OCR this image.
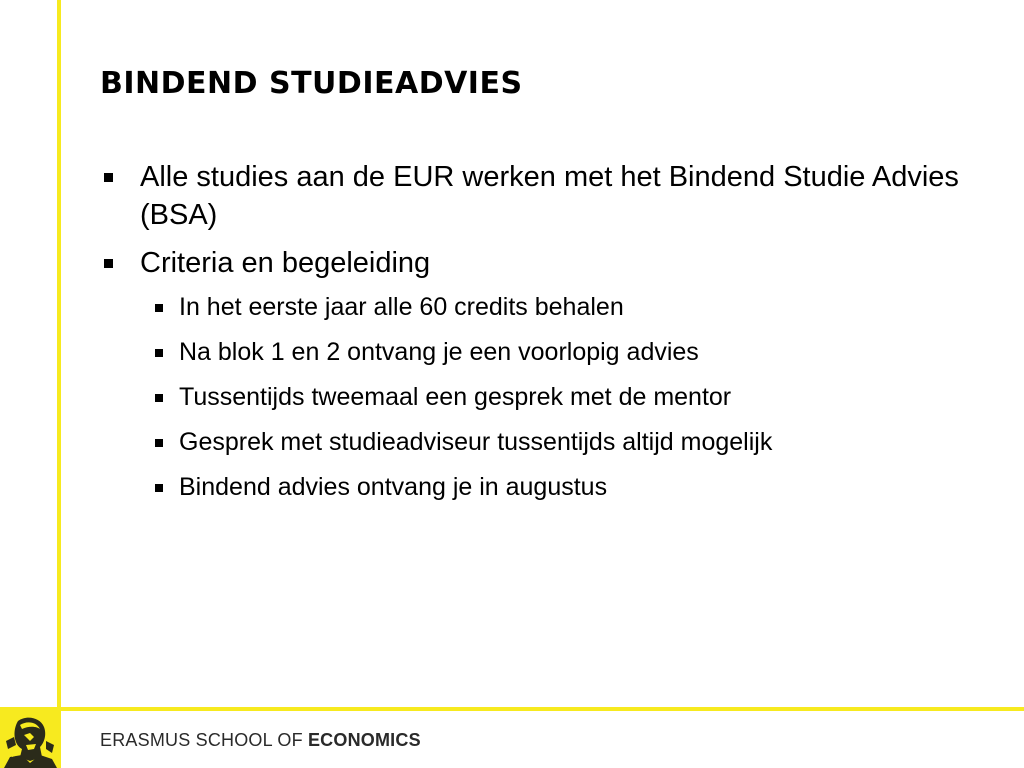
BINDEND STUDIEADVIES
Alle studies aan de EUR werken met het Bindend Studie Advies (BSA)
Criteria en begeleiding
In het eerste jaar alle 60 credits behalen
Na blok 1 en 2 ontvang je een voorlopig advies
Tussentijds tweemaal een gesprek met de mentor
Gesprek met studieadviseur tussentijds altijd mogelijk
Bindend advies ontvang je in augustus
ERASMUS SCHOOL OF ECONOMICS
